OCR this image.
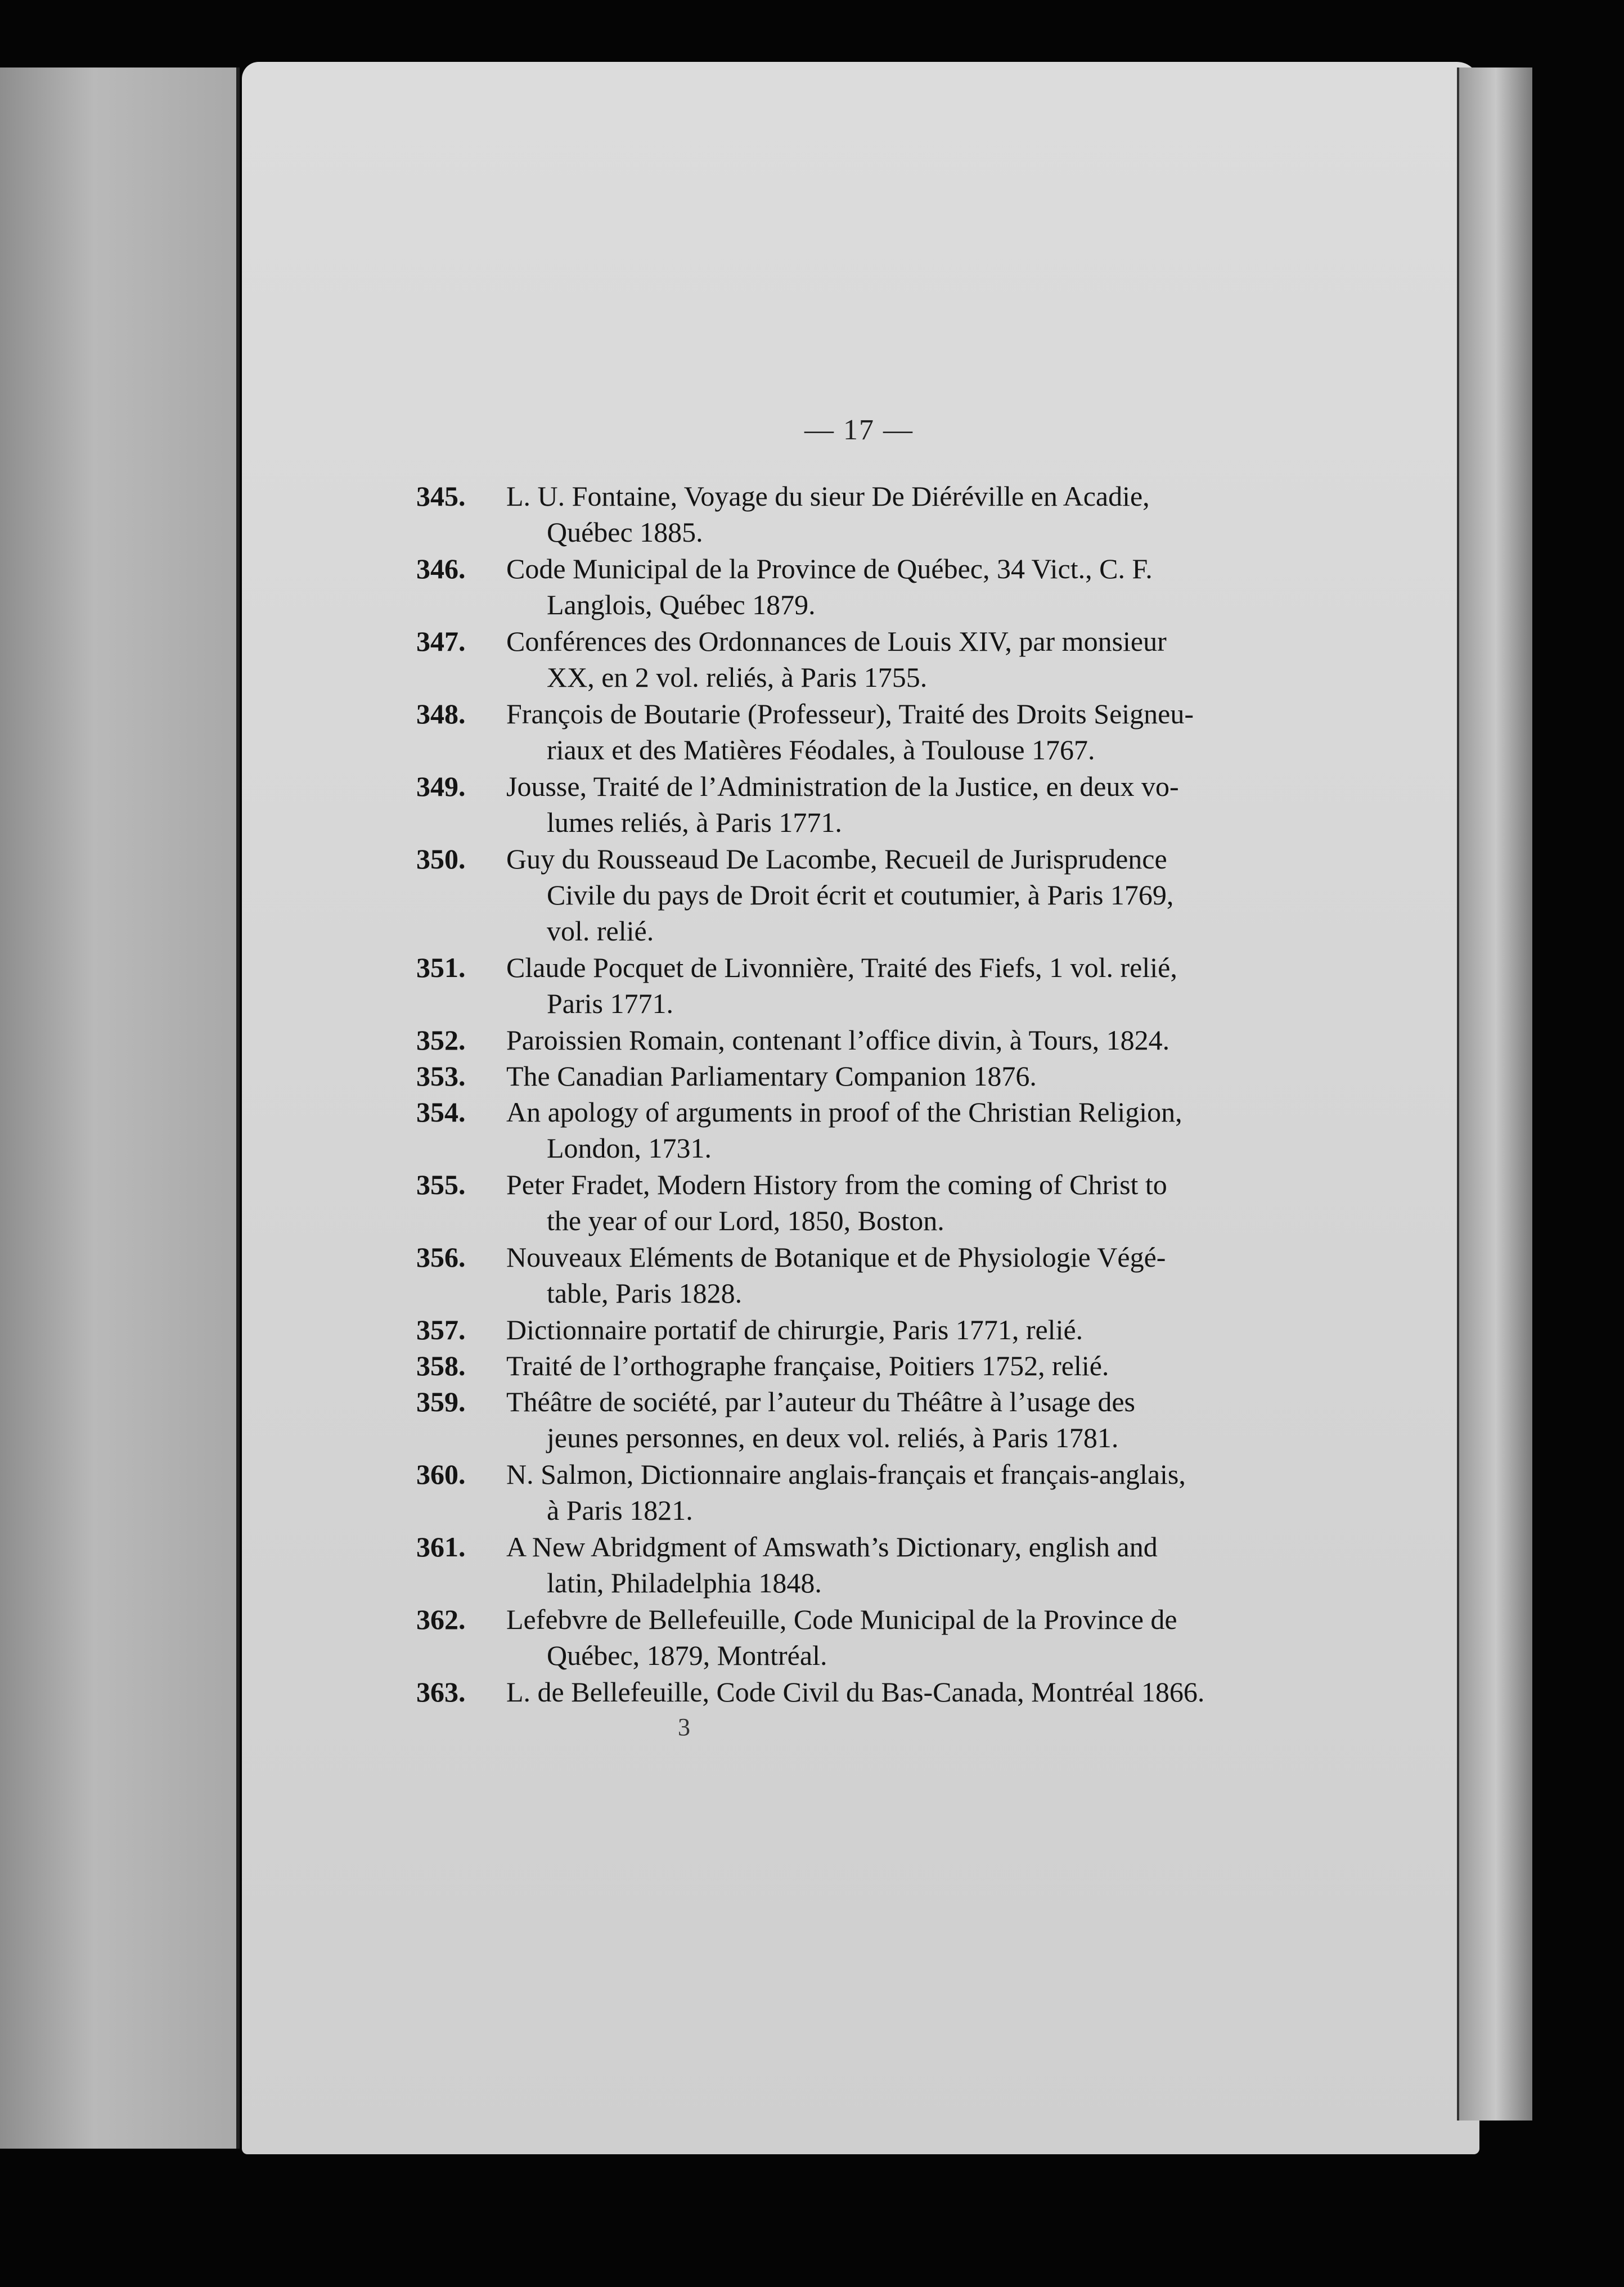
— 17 —
345.	L. U. Fontaine, Voyage du sieur De Diéréville en Acadie,
Québec 1885.
346.	Code Municipal de la Province de Québec, 34 Vict., C. F.
Langlois, Québec 1879.
347.	Conférences des Ordonnances de Louis XIV, par monsieur
XX, en 2 vol. reliés, à Paris 1755.
348.	François de Boutarie (Professeur), Traité des Droits Seigneu-
riaux et des Matières Féodales, à Toulouse 1767.
349.	Jousse, Traité de l’Administration de la Justice, en deux vo-
lumes reliés, à Paris 1771.
350.	Guy du Rousseaud De Lacombe, Recueil de Jurisprudence
Civile du pays de Droit écrit et coutumier, à Paris 1769,
vol. relié.
351.	Claude Pocquet de Livonnière, Traité des Fiefs, 1 vol. relié,
Paris 1771.
352.	Paroissien Romain, contenant l’office divin, à Tours, 1824.
353.	The Canadian Parliamentary Companion 1876.
354.	An apology of arguments in proof of the Christian Religion,
London, 1731.
355.	Peter Fradet, Modern History from the coming of Christ to
the year of our Lord, 1850, Boston.
356.	Nouveaux Eléments de Botanique et de Physiologie Végé-
table, Paris 1828.
357.	Dictionnaire portatif de chirurgie, Paris 1771, relié.
358.	Traité de l’orthographe française, Poitiers 1752, relié.
359.	Théâtre de société, par l’auteur du Théâtre à l’usage des
jeunes personnes, en deux vol. reliés, à Paris 1781.
360.	N. Salmon, Dictionnaire anglais-français et français-anglais,
à Paris 1821.
361.	A New Abridgment of Amswath’s Dictionary, english and
latin, Philadelphia 1848.
362.	Lefebvre de Bellefeuille, Code Municipal de la Province de
Québec, 1879, Montréal.
363.	L. de Bellefeuille, Code Civil du Bas-Canada, Montréal 1866.
3
